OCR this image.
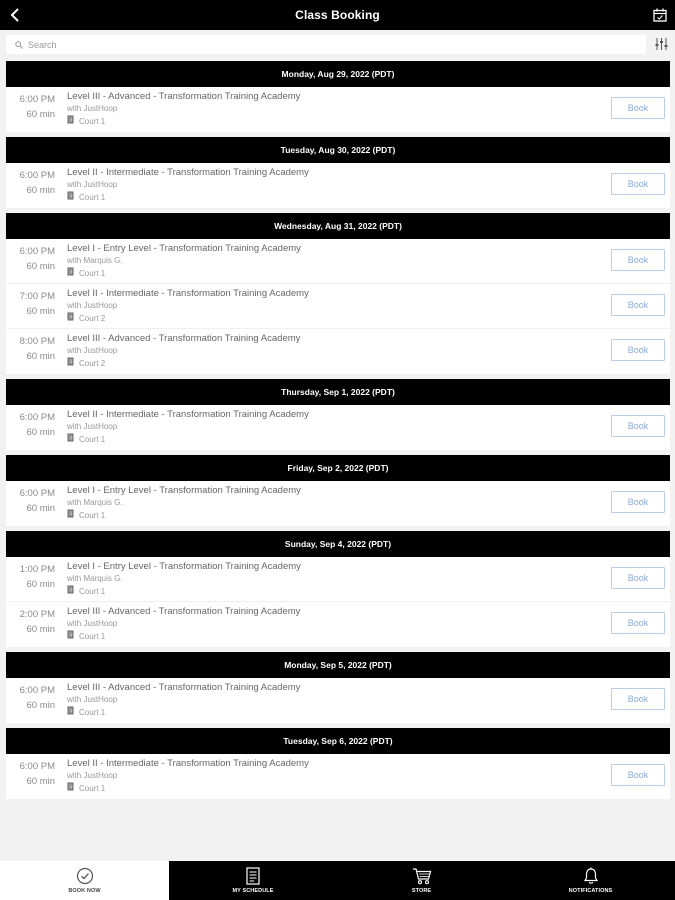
Class Booking
Search
Monday, Aug 29, 2022 (PDT)
6:00 PM
60 min
Level III - Advanced - Transformation Training Academy
with JustHoop
Court 1
Book
Tuesday, Aug 30, 2022 (PDT)
6:00 PM
60 min
Level II - Intermediate - Transformation Training Academy
with JustHoop
Court 1
Book
Wednesday, Aug 31, 2022 (PDT)
6:00 PM
60 min
Level I - Entry Level - Transformation Training Academy
with Marquis G.
Court 1
Book
7:00 PM
60 min
Level II - Intermediate - Transformation Training Academy
with JustHoop
Court 2
Book
8:00 PM
60 min
Level III - Advanced - Transformation Training Academy
with JustHoop
Court 2
Book
Thursday, Sep 1, 2022 (PDT)
6:00 PM
60 min
Level II - Intermediate - Transformation Training Academy
with JustHoop
Court 1
Book
Friday, Sep 2, 2022 (PDT)
6:00 PM
60 min
Level I - Entry Level - Transformation Training Academy
with Marquis G.
Court 1
Book
Sunday, Sep 4, 2022 (PDT)
1:00 PM
60 min
Level I - Entry Level - Transformation Training Academy
with Marquis G.
Court 1
Book
2:00 PM
60 min
Level III - Advanced - Transformation Training Academy
with JustHoop
Court 1
Book
Monday, Sep 5, 2022 (PDT)
6:00 PM
60 min
Level III - Advanced - Transformation Training Academy
with JustHoop
Court 1
Book
Tuesday, Sep 6, 2022 (PDT)
6:00 PM
60 min
Level II - Intermediate - Transformation Training Academy
with JustHoop
Court 1
Book
BOOK NOW	MY SCHEDULE	STORE	NOTIFICATIONS
